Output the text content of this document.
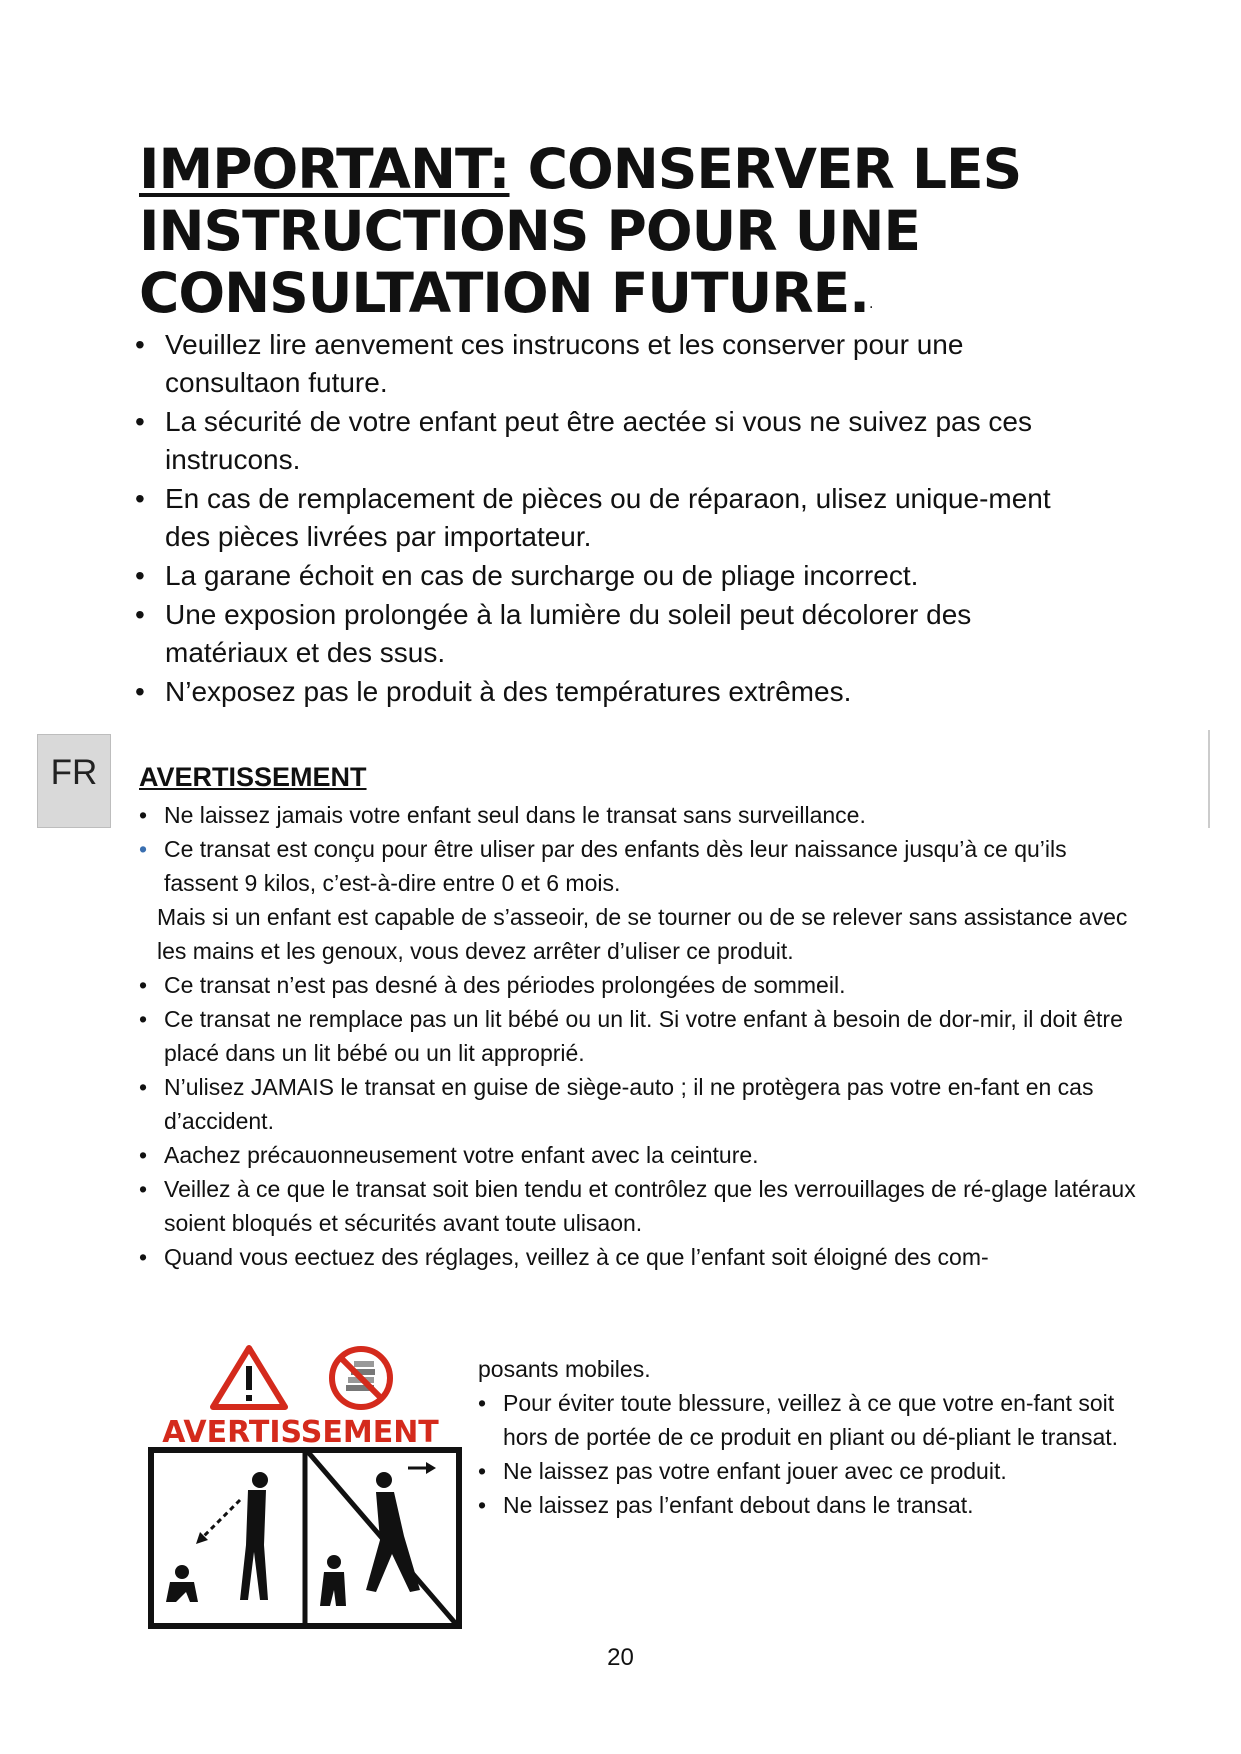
IMPORTANT: CONSERVER LES INSTRUCTIONS POUR UNE CONSULTATION FUTURE.·
• Veuillez lire aenvement ces instrucons et les conserver pour une consultaon future.
• La sécurité de votre enfant peut être aectée si vous ne suivez pas ces instrucons.
• En cas de remplacement de pièces ou de réparaon, ulisez unique-ment des pièces livrées par importateur.
• La garane échoit en cas de surcharge ou de pliage incorrect.
• Une exposion prolongée à la lumière du soleil peut décolorer des matériaux et des ssus.
• N’exposez pas le produit à des températures extrêmes.
FR	AVERTISSEMENT
• Ne laissez jamais votre enfant seul dans le transat sans surveillance.
• Ce transat est conçu pour être uliser par des enfants dès leur naissance jusqu’à ce qu’ils fassent 9 kilos, c’est-à-dire entre 0 et 6 mois.
Mais si un enfant est capable de s’asseoir, de se tourner ou de se relever sans assistance avec les mains et les genoux, vous devez arrêter d’uliser ce produit.
• Ce transat n’est pas desné à des périodes prolongées de sommeil.
• Ce transat ne remplace pas un lit bébé ou un lit. Si votre enfant à besoin de dor-mir, il doit être placé dans un lit bébé ou un lit approprié.
• N’ulisez JAMAIS le transat en guise de siège-auto ; il ne protègera pas votre en-fant en cas d’accident.
• Aachez précauonneusement votre enfant avec la ceinture.
• Veillez à ce que le transat soit bien tendu et contrôlez que les verrouillages de ré-glage latéraux soient bloqués et sécurités avant toute ulisaon.
• Quand vous eectuez des réglages, veillez à ce que l’enfant soit éloigné des com-
posants mobiles.
• Pour éviter toute blessure, veillez à ce que votre en-fant soit hors de portée de ce produit en pliant ou dé-pliant le transat.
• Ne laissez pas votre enfant jouer avec ce produit.
• Ne laissez pas l’enfant debout dans le transat.
AVERTISSEMENT
20
